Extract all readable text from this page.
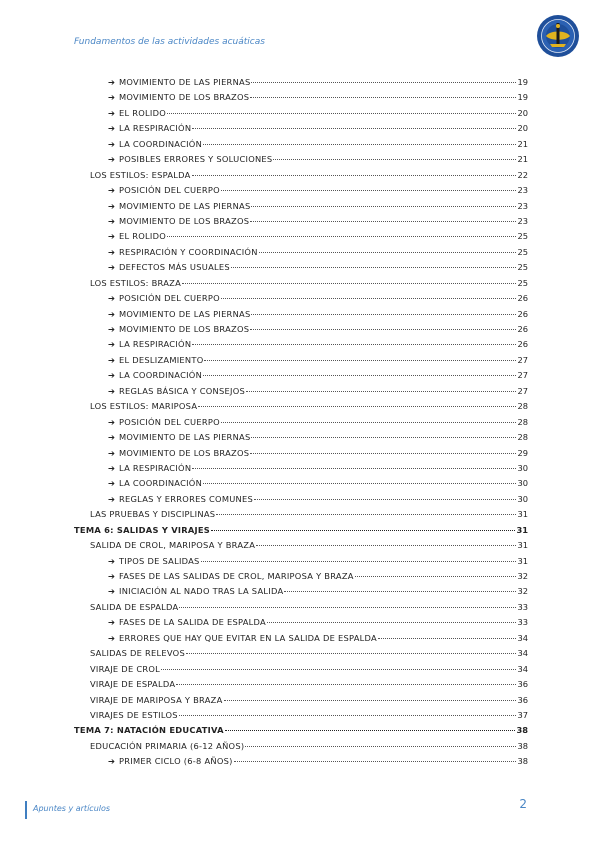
Fundamentos de las actividades acuáticas
➔ MOVIMIENTO DE LAS PIERNAS	19
➔ MOVIMIENTO DE LOS BRAZOS	19
➔ EL ROLIDO	20
➔ LA RESPIRACIÓN	20
➔ LA COORDINACIÓN	21
➔ POSIBLES ERRORES Y SOLUCIONES	21
LOS ESTILOS: ESPALDA	22
➔ POSICIÓN DEL CUERPO	23
➔ MOVIMIENTO DE LAS PIERNAS	23
➔ MOVIMIENTO DE LOS BRAZOS	23
➔ EL ROLIDO	25
➔ RESPIRACIÓN Y COORDINACIÓN	25
➔ DEFECTOS MÁS USUALES	25
LOS ESTILOS: BRAZA	25
➔ POSICIÓN DEL CUERPO	26
➔ MOVIMIENTO DE LAS PIERNAS	26
➔ MOVIMIENTO DE LOS BRAZOS	26
➔ LA RESPIRACIÓN	26
➔ EL DESLIZAMIENTO	27
➔ LA COORDINACIÓN	27
➔ REGLAS BÁSICA Y CONSEJOS	27
LOS ESTILOS: MARIPOSA	28
➔ POSICIÓN DEL CUERPO	28
➔ MOVIMIENTO DE LAS PIERNAS	28
➔ MOVIMIENTO DE LOS BRAZOS	29
➔ LA RESPIRACIÓN	30
➔ LA COORDINACIÓN	30
➔ REGLAS Y ERRORES COMUNES	30
LAS PRUEBAS Y DISCIPLINAS	31
TEMA 6: SALIDAS Y VIRAJES	31
SALIDA DE CROL, MARIPOSA Y BRAZA	31
➔ TIPOS DE SALIDAS	31
➔ FASES DE LAS SALIDAS DE CROL, MARIPOSA Y BRAZA	32
➔ INICIACIÓN AL NADO TRAS LA SALIDA	32
SALIDA DE ESPALDA	33
➔ FASES DE LA SALIDA DE ESPALDA	33
➔ ERRORES QUE HAY QUE EVITAR EN LA SALIDA DE ESPALDA	34
SALIDAS DE RELEVOS	34
VIRAJE DE CROL	34
VIRAJE DE ESPALDA	36
VIRAJE DE MARIPOSA Y BRAZA	36
VIRAJES DE ESTILOS	37
TEMA 7: NATACIÓN EDUCATIVA	38
EDUCACIÓN PRIMARIA (6-12 AÑOS)	38
➔ PRIMER CICLO (6-8 AÑOS)	38
Apuntes y artículos	2
